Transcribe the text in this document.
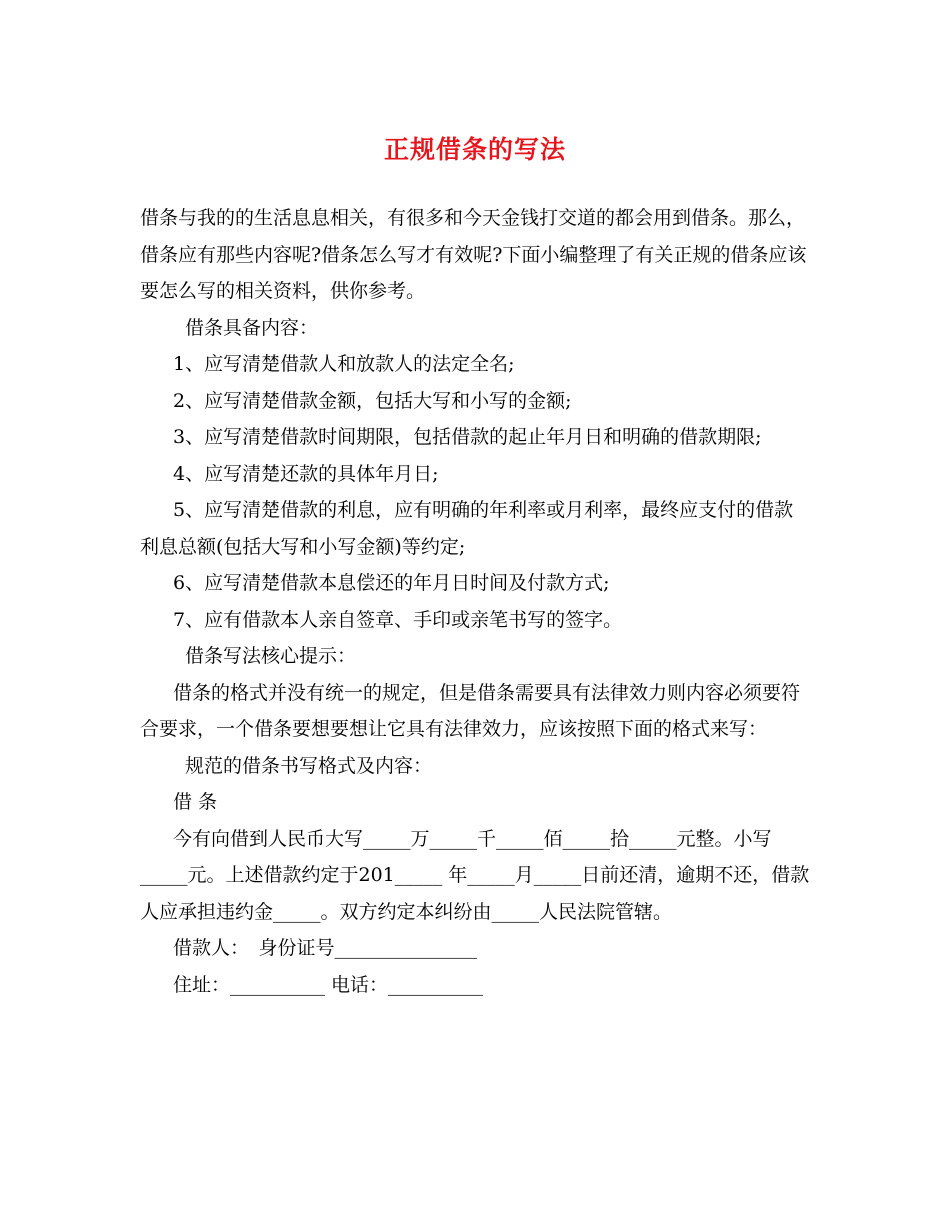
正规借条的写法

借条与我的的生活息息相关，有很多和今天金钱打交道的都会用到借条。那么，借条应有那些内容呢?借条怎么写才有效呢?下面小编整理了有关正规的借条应该要怎么写的相关资料，供你参考。

借条具备内容：

1、应写清楚借款人和放款人的法定全名;

2、应写清楚借款金额，包括大写和小写的金额;

3、应写清楚借款时间期限，包括借款的起止年月日和明确的借款期限;

4、应写清楚还款的具体年月日;

5、应写清楚借款的利息，应有明确的年利率或月利率，最终应支付的借款利息总额(包括大写和小写金额)等约定;

6、应写清楚借款本息偿还的年月日时间及付款方式;

7、应有借款本人亲自签章、手印或亲笔书写的签字。

借条写法核心提示：

借条的格式并没有统一的规定，但是借条需要具有法律效力则内容必须要符合要求，一个借条要想要想让它具有法律效力，应该按照下面的格式来写：

规范的借条书写格式及内容：

借 条

今有向借到人民币大写_____万_____千_____佰_____拾_____元整。小写_____元。上述借款约定于201_____ 年_____月_____日前还清，逾期不还，借款人应承担违约金_____。双方约定本纠纷由_____人民法院管辖。

借款人：　身份证号_______________

住址：__________ 电话：__________
